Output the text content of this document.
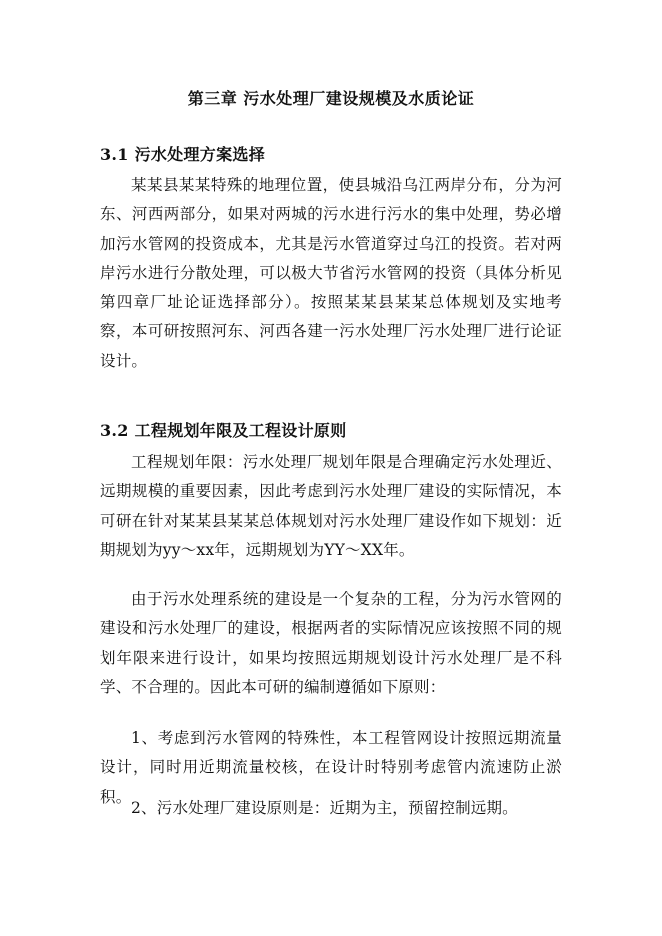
第三章 污水处理厂建设规模及水质论证
3.1 污水处理方案选择
某某县某某特殊的地理位置，使县城沿乌江两岸分布，分为河东、河西两部分，如果对两城的污水进行污水的集中处理，势必增加污水管网的投资成本，尤其是污水管道穿过乌江的投资。若对两岸污水进行分散处理，可以极大节省污水管网的投资（具体分析见第四章厂址论证选择部分）。按照某某县某某总体规划及实地考察，本可研按照河东、河西各建一污水处理厂污水处理厂进行论证设计。
3.2 工程规划年限及工程设计原则
工程规划年限：污水处理厂规划年限是合理确定污水处理近、远期规模的重要因素，因此考虑到污水处理厂建设的实际情况，本可研在针对某某县某某总体规划对污水处理厂建设作如下规划：近期规划为yy～xx年，远期规划为YY～XX年。
由于污水处理系统的建设是一个复杂的工程，分为污水管网的建设和污水处理厂的建设，根据两者的实际情况应该按照不同的规划年限来进行设计，如果均按照远期规划设计污水处理厂是不科学、不合理的。因此本可研的编制遵循如下原则：
1、考虑到污水管网的特殊性，本工程管网设计按照远期流量设计，同时用近期流量校核，在设计时特别考虑管内流速防止淤积。
2、污水处理厂建设原则是：近期为主，预留控制远期。
